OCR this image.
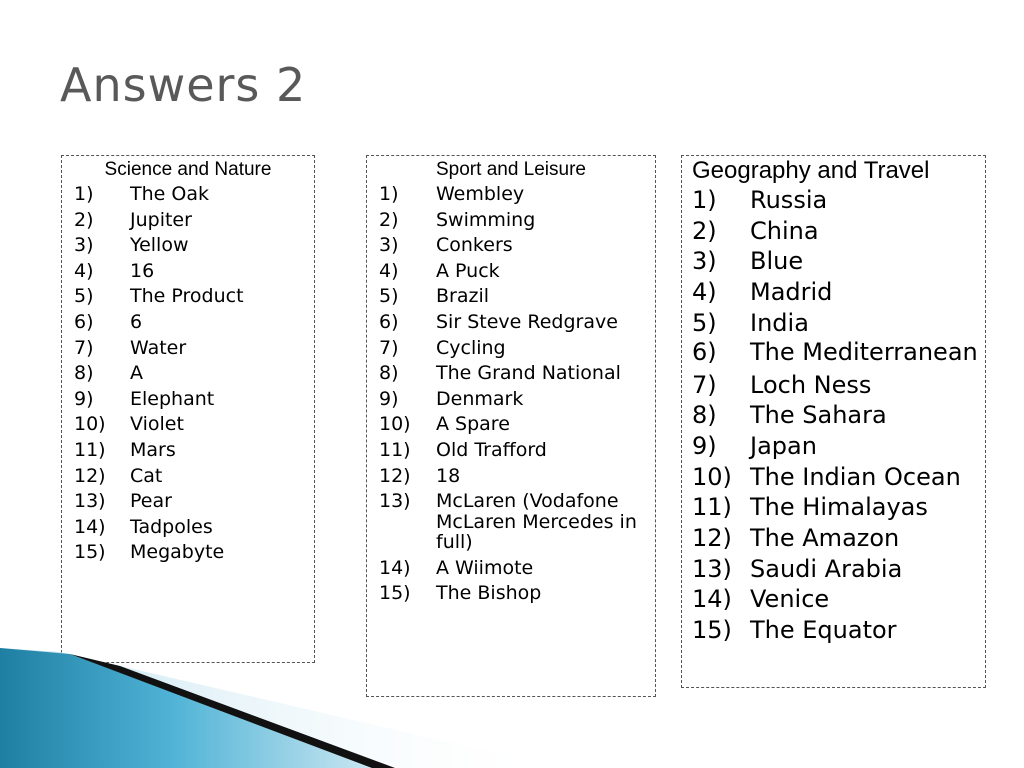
Answers 2
Science and Nature
1)	The Oak
2)	Jupiter
3)	Yellow
4)	16
5)	The Product
6)	6
7)	Water
8)	A
9)	Elephant
10)	Violet
11)	Mars
12)	Cat
13)	Pear
14)	Tadpoles
15)	Megabyte
Sport and Leisure
1)	Wembley
2)	Swimming
3)	Conkers
4)	A Puck
5)	Brazil
6)	Sir Steve Redgrave
7)	Cycling
8)	The Grand National
9)	Denmark
10)	A Spare
11)	Old Trafford
12)	18
13)	McLaren (Vodafone McLaren Mercedes in full)
14)	A Wiimote
15)	The Bishop
Geography and Travel
1)	Russia
2)	China
3)	Blue
4)	Madrid
5)	India
6)	The Mediterranean
7)	Loch Ness
8)	The Sahara
9)	Japan
10) The Indian Ocean
11) The Himalayas
12) The Amazon
13) Saudi Arabia
14) Venice
15) The Equator
